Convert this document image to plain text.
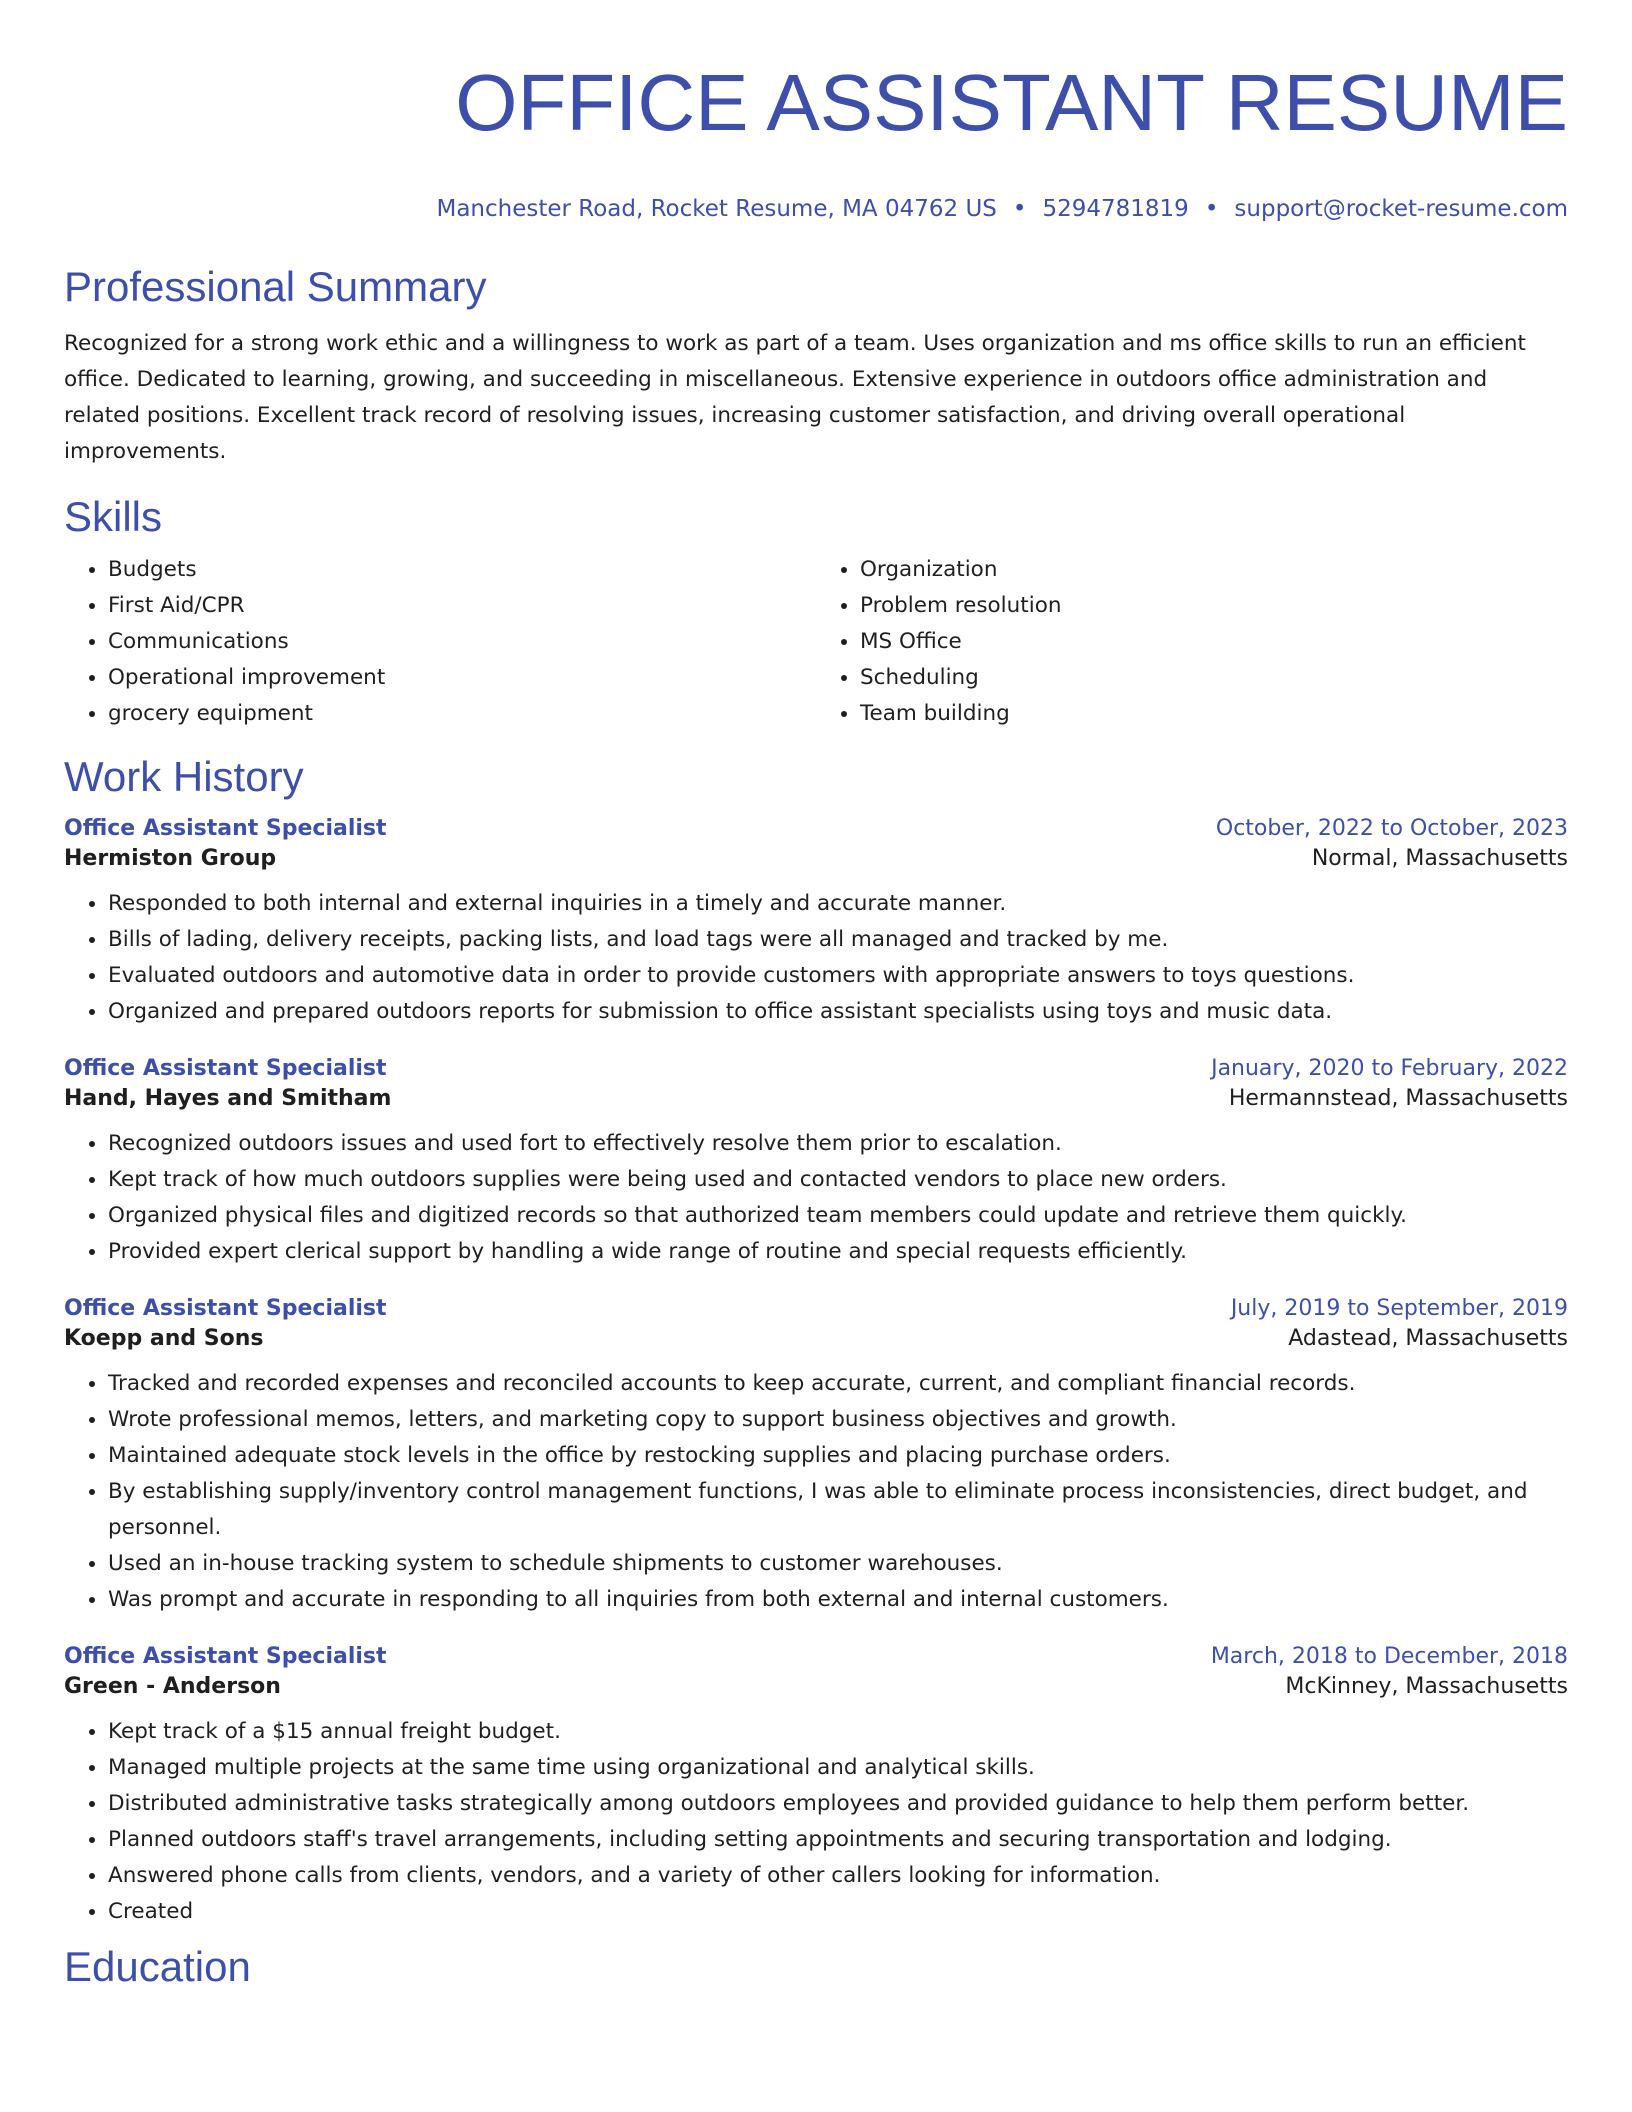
OFFICE ASSISTANT RESUME
Manchester Road, Rocket Resume, MA 04762 US • 5294781819 • support@rocket-resume.com
Professional Summary

Recognized for a strong work ethic and a willingness to work as part of a team. Uses organization and ms office skills to run an efficient office. Dedicated to learning, growing, and succeeding in miscellaneous. Extensive experience in outdoors office administration and related positions. Excellent track record of resolving issues, increasing customer satisfaction, and driving overall operational improvements.

Skills
• Budgets
• First Aid/CPR
• Communications
• Operational improvement
• grocery equipment
• Organization
• Problem resolution
• MS Office
• Scheduling
• Team building
Work History
Office Assistant Specialist	October, 2022 to October, 2023
Hermiston Group	Normal, Massachusetts
• Responded to both internal and external inquiries in a timely and accurate manner.
• Bills of lading, delivery receipts, packing lists, and load tags were all managed and tracked by me.
• Evaluated outdoors and automotive data in order to provide customers with appropriate answers to toys questions.
• Organized and prepared outdoors reports for submission to office assistant specialists using toys and music data.
Office Assistant Specialist	January, 2020 to February, 2022
Hand, Hayes and Smitham	Hermannstead, Massachusetts
• Recognized outdoors issues and used fort to effectively resolve them prior to escalation.
• Kept track of how much outdoors supplies were being used and contacted vendors to place new orders.
• Organized physical files and digitized records so that authorized team members could update and retrieve them quickly.
• Provided expert clerical support by handling a wide range of routine and special requests efficiently.
Office Assistant Specialist	July, 2019 to September, 2019
Koepp and Sons	Adastead, Massachusetts
• Tracked and recorded expenses and reconciled accounts to keep accurate, current, and compliant financial records.
• Wrote professional memos, letters, and marketing copy to support business objectives and growth.
• Maintained adequate stock levels in the office by restocking supplies and placing purchase orders.
• By establishing supply/inventory control management functions, I was able to eliminate process inconsistencies, direct budget, and personnel.
• Used an in-house tracking system to schedule shipments to customer warehouses.
• Was prompt and accurate in responding to all inquiries from both external and internal customers.
Office Assistant Specialist	March, 2018 to December, 2018
Green - Anderson	McKinney, Massachusetts
• Kept track of a $15 annual freight budget.
• Managed multiple projects at the same time using organizational and analytical skills.
• Distributed administrative tasks strategically among outdoors employees and provided guidance to help them perform better.
• Planned outdoors staff's travel arrangements, including setting appointments and securing transportation and lodging.
• Answered phone calls from clients, vendors, and a variety of other callers looking for information.
• Created
Education
